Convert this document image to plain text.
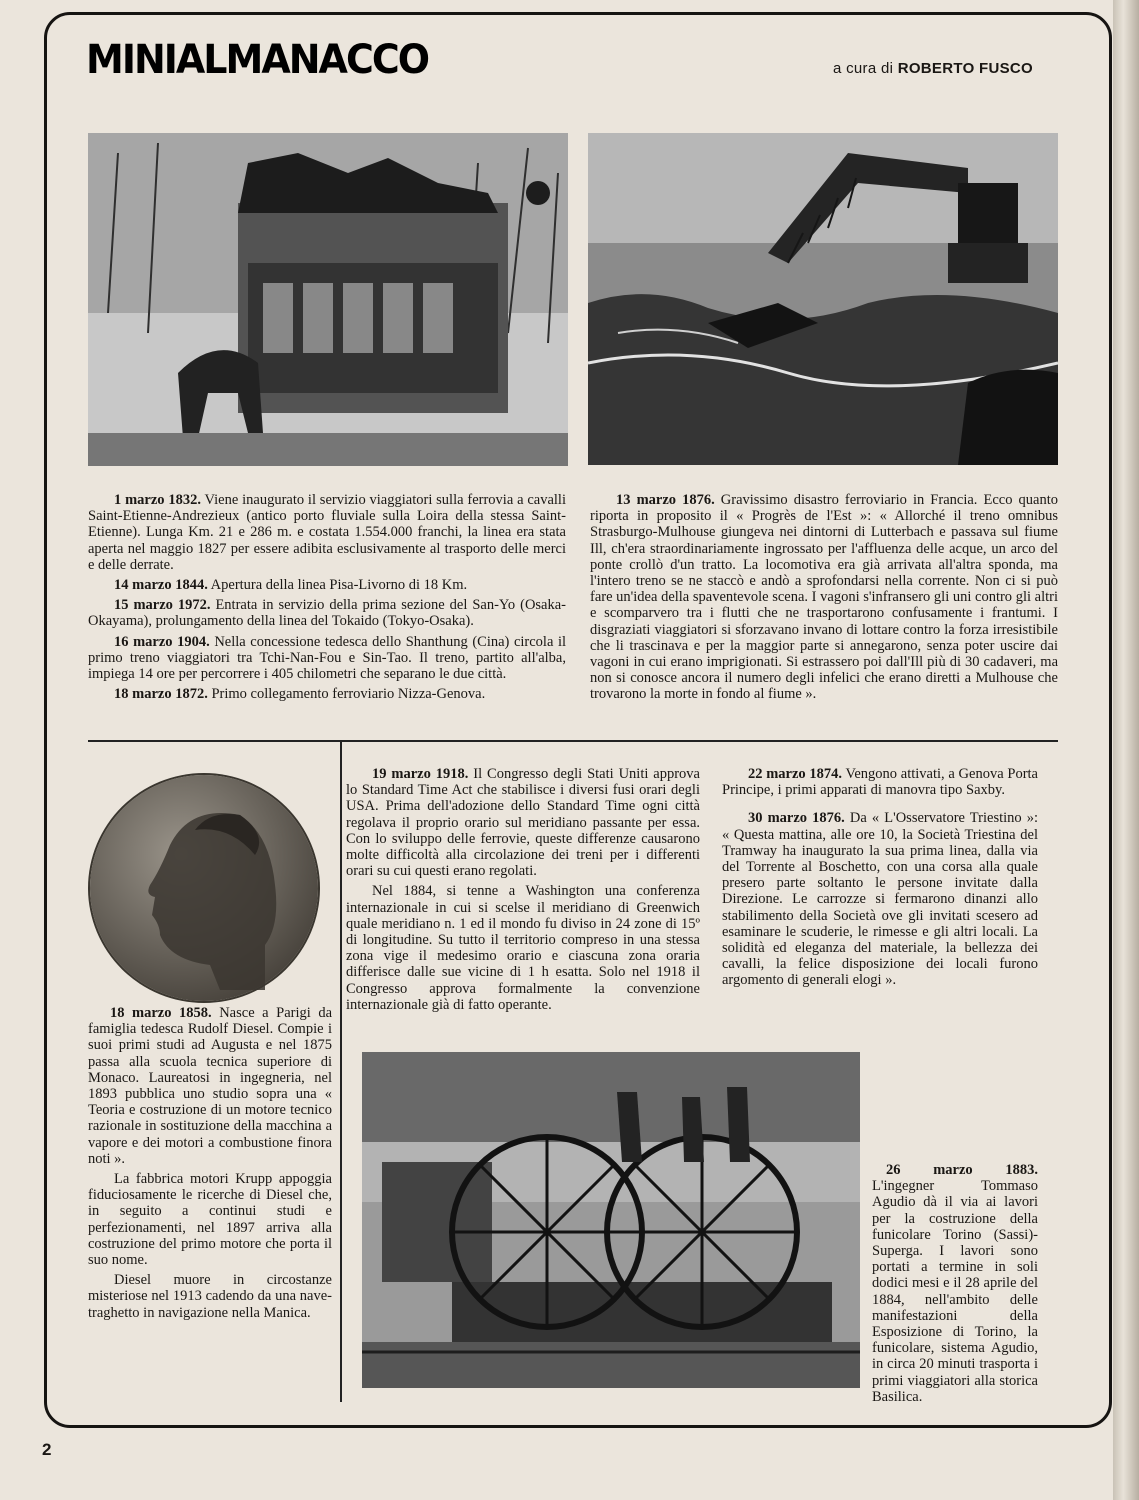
MINIALMANACCO	a cura di ROBERTO FUSCO

1 marzo 1832. Viene inaugurato il servizio viaggiatori sulla ferrovia a cavalli Saint-Etienne-Andrezieux (antico porto fluviale sulla Loira della stessa Saint-Etienne). Lunga Km. 21 e 286 m. e costata 1.554.000 franchi, la linea era stata aperta nel maggio 1827 per essere adibita esclusivamente al trasporto delle merci e delle derrate.

14 marzo 1844. Apertura della linea Pisa-Livorno di 18 Km.

15 marzo 1972. Entrata in servizio della prima sezione del San-Yo (Osaka-Okayama), prolungamento della linea del Tokaido (Tokyo-Osaka).

16 marzo 1904. Nella concessione tedesca dello Shanthung (Cina) circola il primo treno viaggiatori tra Tchi-Nan-Fou e Sin-Tao. Il treno, partito all'alba, impiega 14 ore per percorrere i 405 chilometri che separano le due città.

18 marzo 1872. Primo collegamento ferroviario Nizza-Genova.

13 marzo 1876. Gravissimo disastro ferroviario in Francia. Ecco quanto riporta in proposito il « Progrès de l'Est »: « Allorché il treno omnibus Strasburgo-Mulhouse giungeva nei dintorni di Lutterbach e passava sul fiume Ill, ch'era straordinariamente ingrossato per l'affluenza delle acque, un arco del ponte crollò d'un tratto. La locomotiva era già arrivata all'altra sponda, ma l'intero treno se ne staccò e andò a sprofondarsi nella corrente. Non ci si può fare un'idea della spaventevole scena. I vagoni s'infransero gli uni contro gli altri e scomparvero tra i flutti che ne trasportarono confusamente i frantumi. I disgraziati viaggiatori si sforzavano invano di lottare contro la forza irresistibile che li trascinava e per la maggior parte si annegarono, senza poter uscire dai vagoni in cui erano imprigionati. Si estrassero poi dall'Ill più di 30 cadaveri, ma non si conosce ancora il numero degli infelici che erano diretti a Mulhouse che trovarono la morte in fondo al fiume ».

18 marzo 1858. Nasce a Parigi da famiglia tedesca Rudolf Diesel. Compie i suoi primi studi ad Augusta e nel 1875 passa alla scuola tecnica superiore di Monaco. Laureatosi in ingegneria, nel 1893 pubblica uno studio sopra una « Teoria e costruzione di un motore tecnico razionale in sostituzione della macchina a vapore e dei motori a combustione finora noti ».

La fabbrica motori Krupp appoggia fiduciosamente le ricerche di Diesel che, in seguito a continui studi e perfezionamenti, nel 1897 arriva alla costruzione del primo motore che porta il suo nome.

Diesel muore in circostanze misteriose nel 1913 cadendo da una nave-traghetto in navigazione nella Manica.

19 marzo 1918. Il Congresso degli Stati Uniti approva lo Standard Time Act che stabilisce i diversi fusi orari degli USA. Prima dell'adozione dello Standard Time ogni città regolava il proprio orario sul meridiano passante per essa. Con lo sviluppo delle ferrovie, queste differenze causarono molte difficoltà alla circolazione dei treni per i differenti orari su cui questi erano regolati.

Nel 1884, si tenne a Washington una conferenza internazionale in cui si scelse il meridiano di Greenwich quale meridiano n. 1 ed il mondo fu diviso in 24 zone di 15º di longitudine. Su tutto il territorio compreso in una stessa zona vige il medesimo orario e ciascuna zona oraria differisce dalle sue vicine di 1 h esatta. Solo nel 1918 il Congresso approva formalmente la convenzione internazionale già di fatto operante.

22 marzo 1874. Vengono attivati, a Genova Porta Principe, i primi apparati di manovra tipo Saxby.

30 marzo 1876. Da « L'Osservatore Triestino »: « Questa mattina, alle ore 10, la Società Triestina del Tramway ha inaugurato la sua prima linea, dalla via del Torrente al Boschetto, con una corsa alla quale presero parte soltanto le persone invitate dalla Direzione. Le carrozze si fermarono dinanzi allo stabilimento della Società ove gli invitati scesero ad esaminare le scuderie, le rimesse e gli altri locali. La solidità ed eleganza del materiale, la bellezza dei cavalli, la felice disposizione dei locali furono argomento di generali elogi ».

26 marzo 1883. L'ingegner Tommaso Agudio dà il via ai lavori per la costruzione della funicolare Torino (Sassi)-Superga. I lavori sono portati a termine in soli dodici mesi e il 28 aprile del 1884, nell'ambito delle manifestazioni della Esposizione di Torino, la funicolare, sistema Agudio, in circa 20 minuti trasporta i primi viaggiatori alla storica Basilica.

2
